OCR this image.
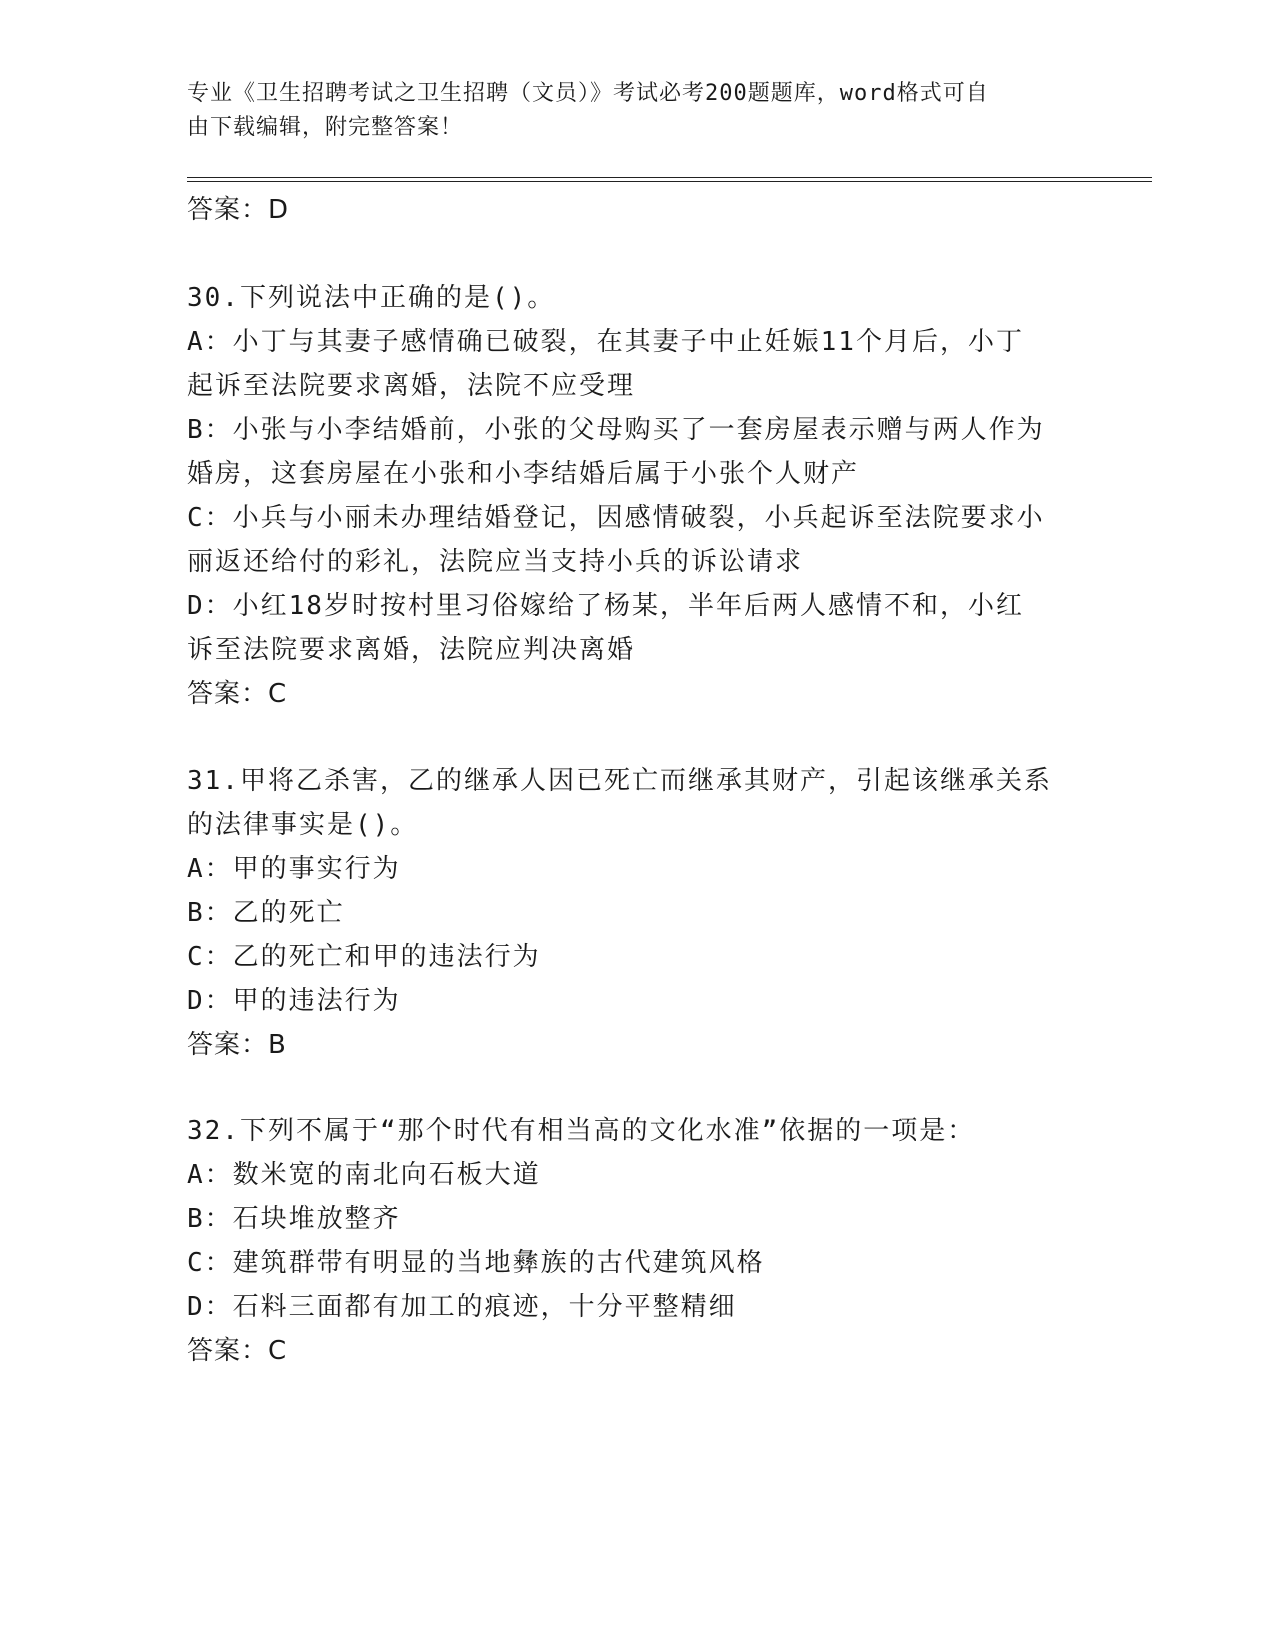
专业《卫生招聘考试之卫生招聘（文员）》考试必考200题题库，word格式可自
由下载编辑，附完整答案！
答案：D
30.下列说法中正确的是()。
A：小丁与其妻子感情确已破裂，在其妻子中止妊娠11个月后，小丁
起诉至法院要求离婚，法院不应受理
B：小张与小李结婚前，小张的父母购买了一套房屋表示赠与两人作为
婚房，这套房屋在小张和小李结婚后属于小张个人财产
C：小兵与小丽未办理结婚登记，因感情破裂，小兵起诉至法院要求小
丽返还给付的彩礼，法院应当支持小兵的诉讼请求
D：小红18岁时按村里习俗嫁给了杨某，半年后两人感情不和，小红
诉至法院要求离婚，法院应判决离婚
答案：C
31.甲将乙杀害，乙的继承人因已死亡而继承其财产，引起该继承关系
的法律事实是()。
A：甲的事实行为
B：乙的死亡
C：乙的死亡和甲的违法行为
D：甲的违法行为
答案：B
32.下列不属于“那个时代有相当高的文化水准”依据的一项是：
A：数米宽的南北向石板大道
B：石块堆放整齐
C：建筑群带有明显的当地彝族的古代建筑风格
D：石料三面都有加工的痕迹，十分平整精细
答案：C
